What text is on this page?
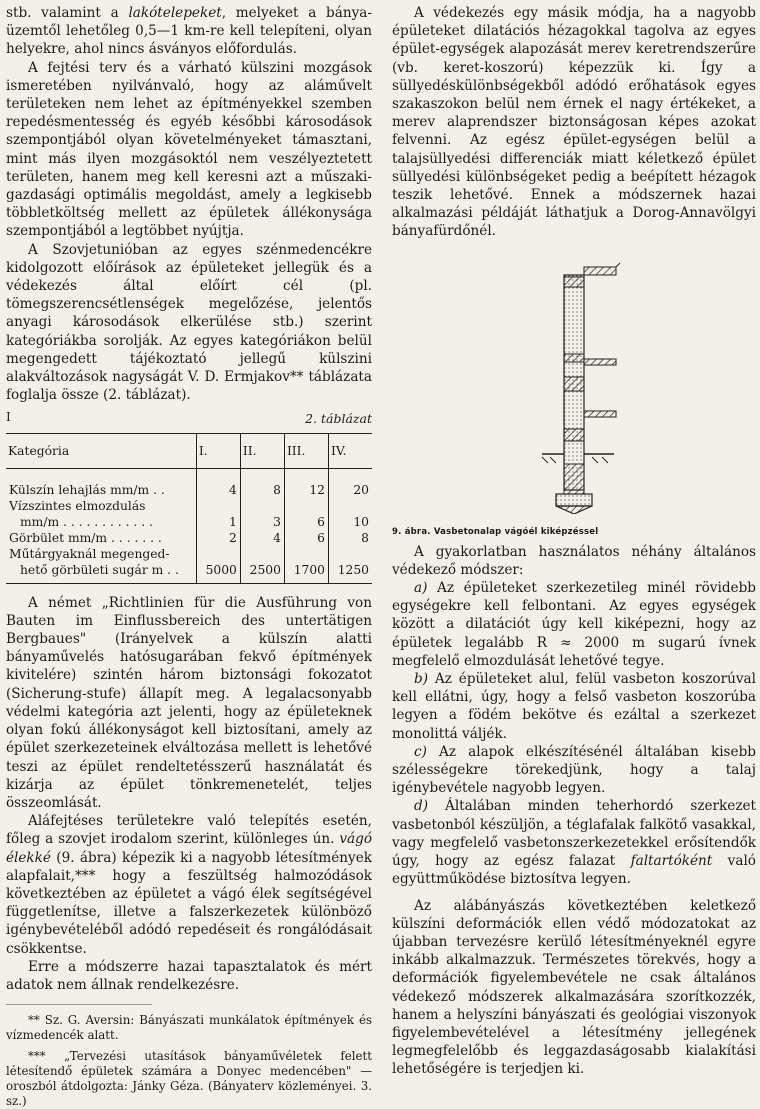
stb. valamint a lakótelepeket, melyeket a bánya-üzemtől lehetőleg 0,5—1 km-re kell telepíteni, olyan helyekre, ahol nincs ásványos előfordulás.

A fejtési terv és a várható külszini mozgások ismeretében nyilvánvaló, hogy az aláművelt területeken nem lehet az építményekkel szemben repedésmentesség és egyéb későbbi károsodások szempontjából olyan követelményeket támasztani, mint más ilyen mozgásoktól nem veszélyeztetett területen, hanem meg kell keresni azt a műszaki-gazdasági optimális megoldást, amely a legkisebb többletköltség mellett az épületek állékonysága szempontjából a legtöbbet nyújtja.

A Szovjetunióban az egyes szénmedencékre kidolgozott előírások az épületeket jellegük és a védekezés által előírt cél (pl. tömegszerencsétlenségek megelőzése, jelentős anyagi károsodások elkerülése stb.) szerint kategóriákba sorolják. Az egyes kategóriákon belül megengedett tájékoztató jellegű külszini alakváltozások nagyságát V. D. Ermjakov** táblázata foglalja össze (2. táblázat).

I	2. táblázat
Kategória	I.	II.	III.	IV.
Külszín lehajlás mm/m . .	4	8	12	20
Vízszintes elmozdulás				
mm/m . . . . . . . . . . . .	1	3	6	10
Görbület mm/m . . . . . . .	2	4	6	8
Műtárgyaknál megenged-				
hető görbületi sugár m . .	5000	2500	1700	1250

A német „Richtlinien für die Ausführung von Bauten im Einflussbereich des untertätigen Bergbaues" (Irányelvek a külszín alatti bányaművelés hatósugarában fekvő építmények kivitelére) szintén három biztonsági fokozatot (Sicherung-stufe) állapít meg. A legalacsonyabb védelmi kategória azt jelenti, hogy az épületeknek olyan fokú állékonyságot kell biztosítani, amely az épület szerkezeteinek elváltozása mellett is lehetővé teszi az épület rendeltetésszerű használatát és kizárja az épület tönkremenetelét, teljes összeomlását.

Aláfejtéses területekre való telepítés esetén, főleg a szovjet irodalom szerint, különleges ún. vágó élekké (9. ábra) képezik ki a nagyobb létesítmények alapfalait,*** hogy a feszültség halmozódások következtében az épületet a vágó élek segítségével függetlenítse, illetve a falszerkezetek különböző igénybevételéből adódó repedéseit és rongálódásait csökkentse.

Erre a módszerre hazai tapasztalatok és mért adatok nem állnak rendelkezésre.

** Sz. G. Aversin: Bányászati munkálatok építmények és vízmedencék alatt.

*** „Tervezési utasítások bányaművéletek felett létesítendő épületek számára a Donyec medencében" — oroszból átdolgozta: Jánky Géza. (Bányaterv közleményei. 3. sz.)

A védekezés egy másik módja, ha a nagyobb épületeket dilatációs hézagokkal tagolva az egyes épület-egységek alapozását merev keretrendszerűre (vb. keret-koszorú) képezzük ki. Így a süllyedéskülönbségekből adódó erőhatások egyes szakaszokon belül nem érnek el nagy értékeket, a merev alaprendszer biztonságosan képes azokat felvenni. Az egész épület-egységen belül a talajsüllyedési differenciák miatt kéletkező épület süllyedési különbségeket pedig a beépített hézagok teszik lehetővé. Ennek a módszernek hazai alkalmazási példáját láthatjuk a Dorog-Annavölgyi bányafürdőnél.

9. ábra. Vasbetonalap vágóél kiképzéssel

A gyakorlatban használatos néhány általános védekező módszer:

a) Az épületeket szerkezetileg minél rövidebb egységekre kell felbontani. Az egyes egységek között a dilatációt úgy kell kiképezni, hogy az épületek legalább R ≈ 2000 m sugarú ívnek megfelelő elmozdulását lehetővé tegye.

b) Az épületeket alul, felül vasbeton koszorúval kell ellátni, úgy, hogy a felső vasbeton koszorúba legyen a födém bekötve és ezáltal a szerkezet monolittá váljék.

c) Az alapok elkészítésénél általában kisebb szélességekre törekedjünk, hogy a talaj igénybevétele nagyobb legyen.

d) Általában minden teherhordó szerkezet vasbetonból készüljön, a téglafalak falkötő vasakkal, vagy megfelelő vasbetonszerkezetekkel erősítendők úgy, hogy az egész falazat faltartóként való együttműködése biztosítva legyen.

Az alábányászás következtében keletkező külszíni deformációk ellen védő módozatokat az újabban tervezésre kerülő létesítményeknél egyre inkább alkalmazzuk. Természetes törekvés, hogy a deformációk figyelembevétele ne csak általános védekező módszerek alkalmazására szorítkozzék, hanem a helyszíni bányászati és geológiai viszonyok figyelembevételével a létesítmény jellegének legmegfelelőbb és leggazdaságosabb kialakítási lehetőségére is terjedjen ki.
